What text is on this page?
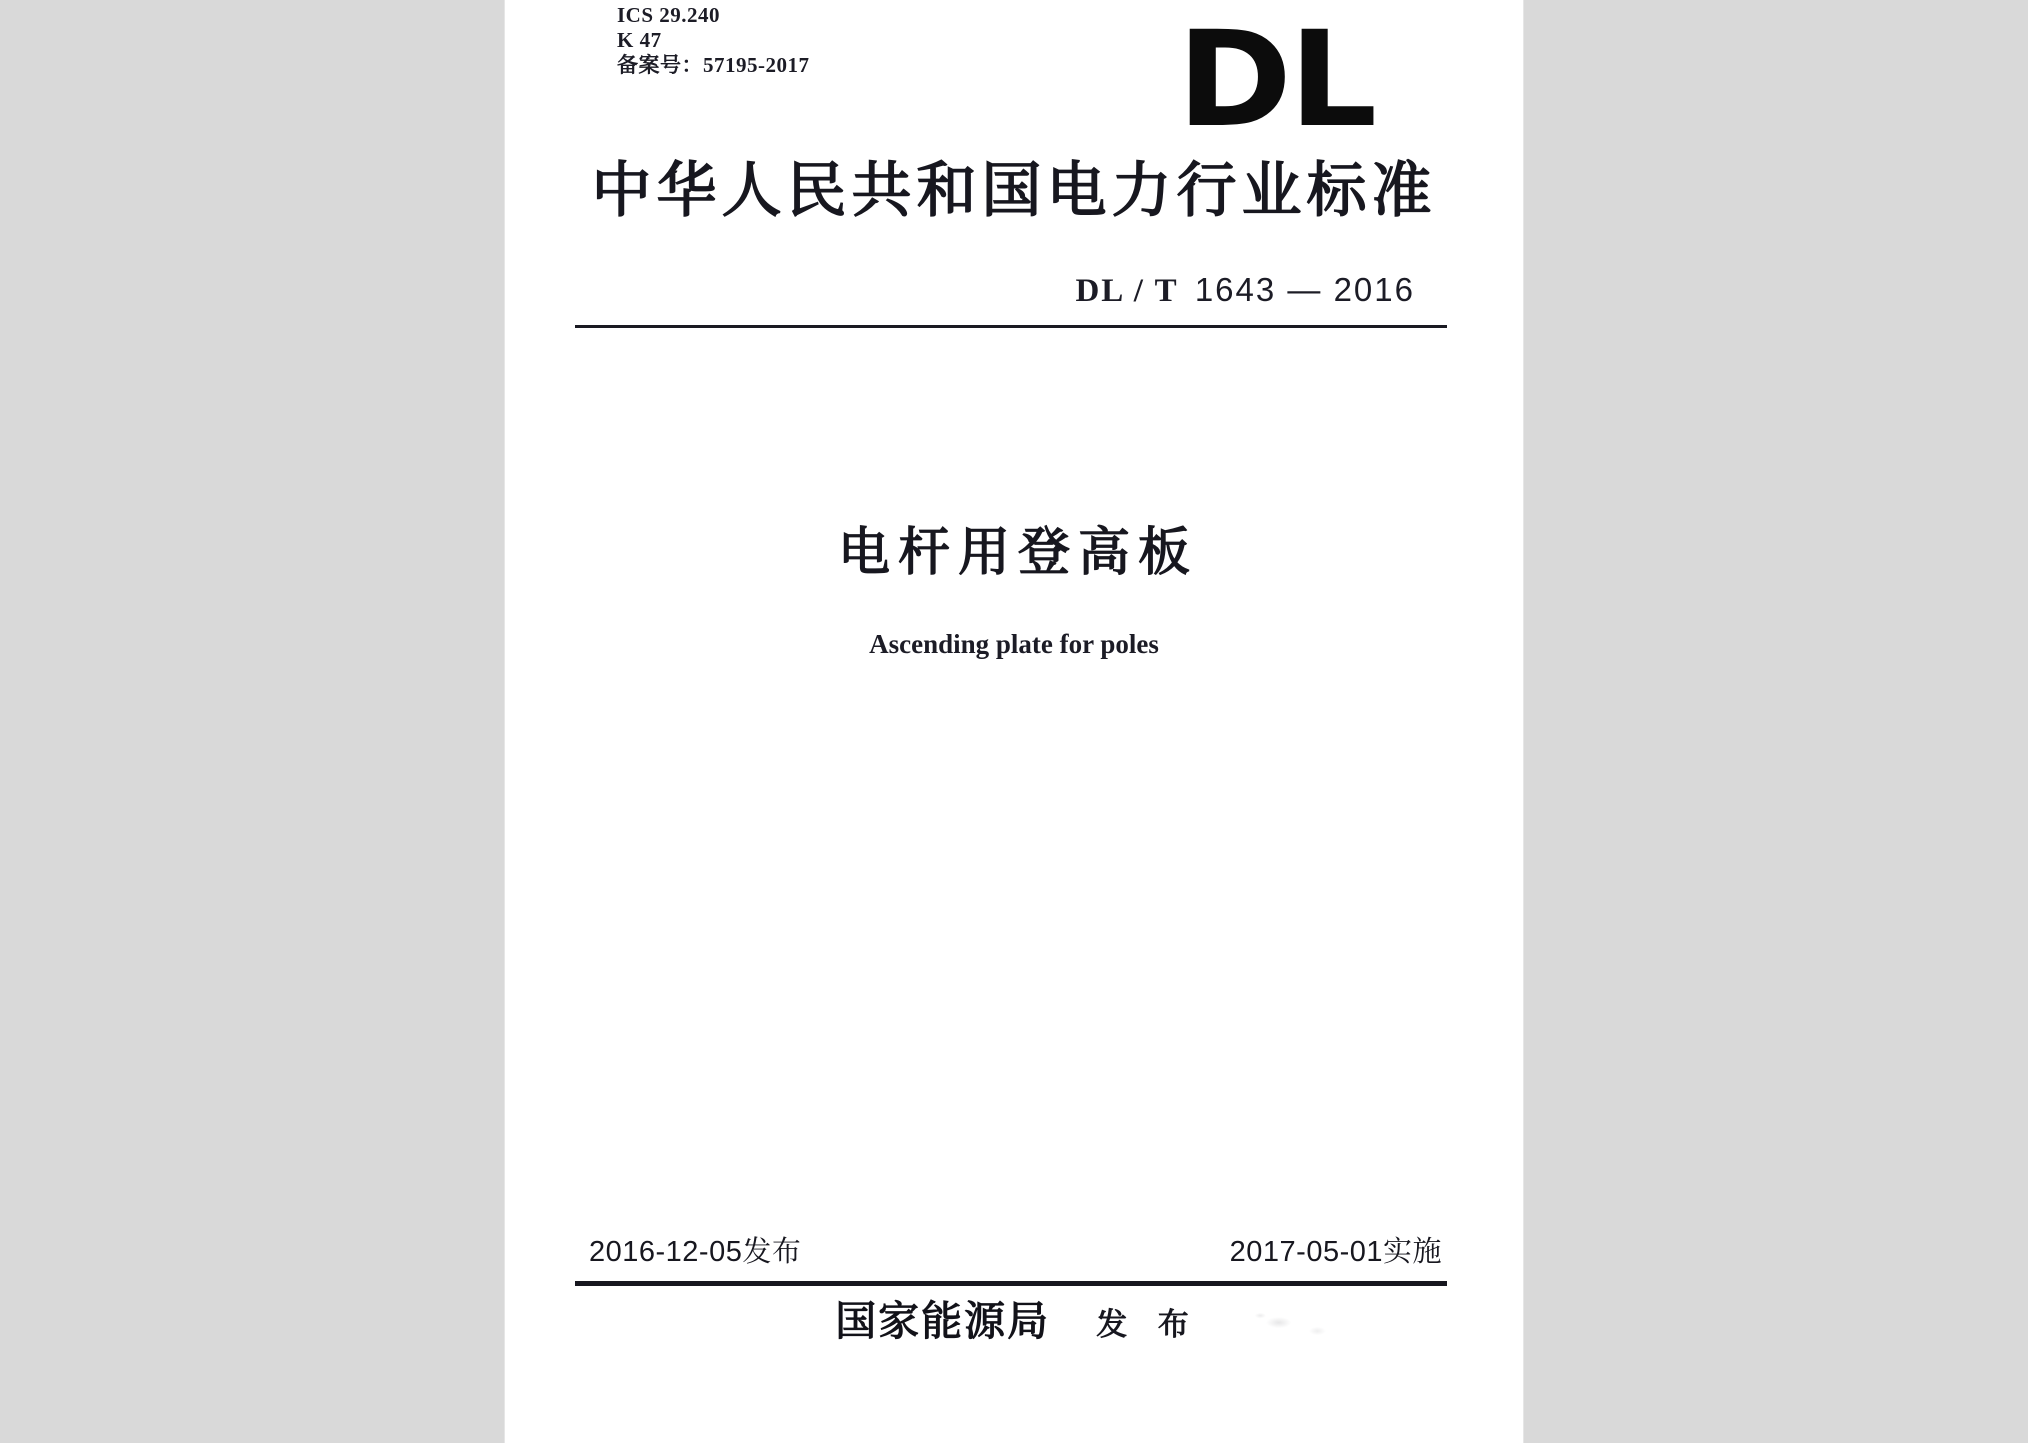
ICS 29.240
K 47
备案号：57195-2017	DL
中华人民共和国电力行业标准
DL / T 1643 — 2016
电杆用登高板
Ascending plate for poles
2016-12-05发布	2017-05-01实施
国家能源局 发 布
